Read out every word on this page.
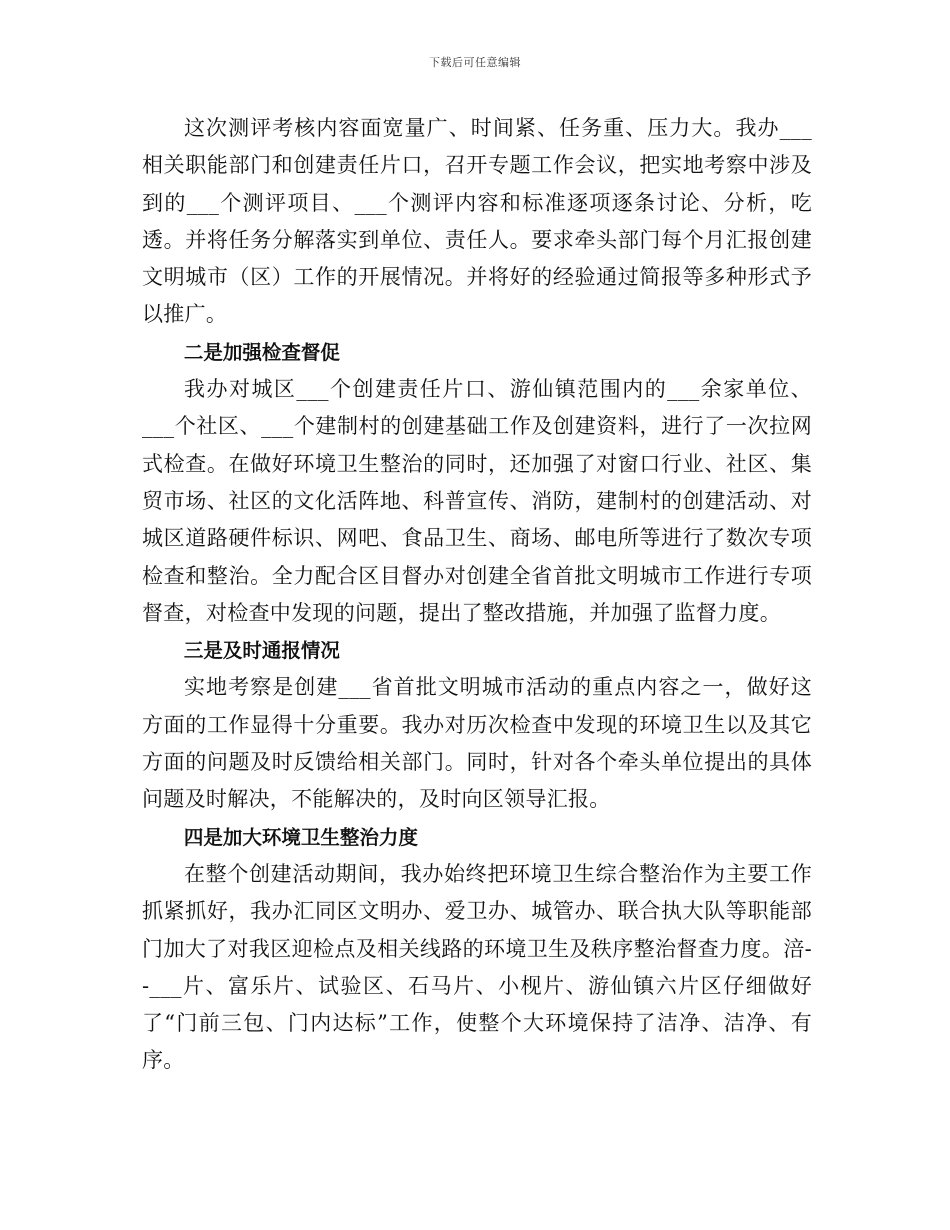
下载后可任意编辑

这次测评考核内容面宽量广、时间紧、任务重、压力大。我办___相关职能部门和创建责任片口，召开专题工作会议，把实地考察中涉及到的___个测评项目、___个测评内容和标准逐项逐条讨论、分析，吃透。并将任务分解落实到单位、责任人。要求牵头部门每个月汇报创建文明城市（区）工作的开展情况。并将好的经验通过简报等多种形式予以推广。

二是加强检查督促

我办对城区___个创建责任片口、游仙镇范围内的___余家单位、___个社区、___个建制村的创建基础工作及创建资料，进行了一次拉网式检查。在做好环境卫生整治的同时，还加强了对窗口行业、社区、集贸市场、社区的文化活阵地、科普宣传、消防，建制村的创建活动、对城区道路硬件标识、网吧、食品卫生、商场、邮电所等进行了数次专项检查和整治。全力配合区目督办对创建全省首批文明城市工作进行专项督查，对检查中发现的问题，提出了整改措施，并加强了监督力度。

三是及时通报情况

实地考察是创建___省首批文明城市活动的重点内容之一，做好这方面的工作显得十分重要。我办对历次检查中发现的环境卫生以及其它方面的问题及时反馈给相关部门。同时，针对各个牵头单位提出的具体问题及时解决，不能解决的，及时向区领导汇报。

四是加大环境卫生整治力度

在整个创建活动期间，我办始终把环境卫生综合整治作为主要工作抓紧抓好，我办汇同区文明办、爱卫办、城管办、联合执大队等职能部门加大了对我区迎检点及相关线路的环境卫生及秩序整治督查力度。涪--___片、富乐片、试验区、石马片、小枧片、游仙镇六片区仔细做好了“门前三包、门内达标”工作，使整个大环境保持了洁净、洁净、有序。
